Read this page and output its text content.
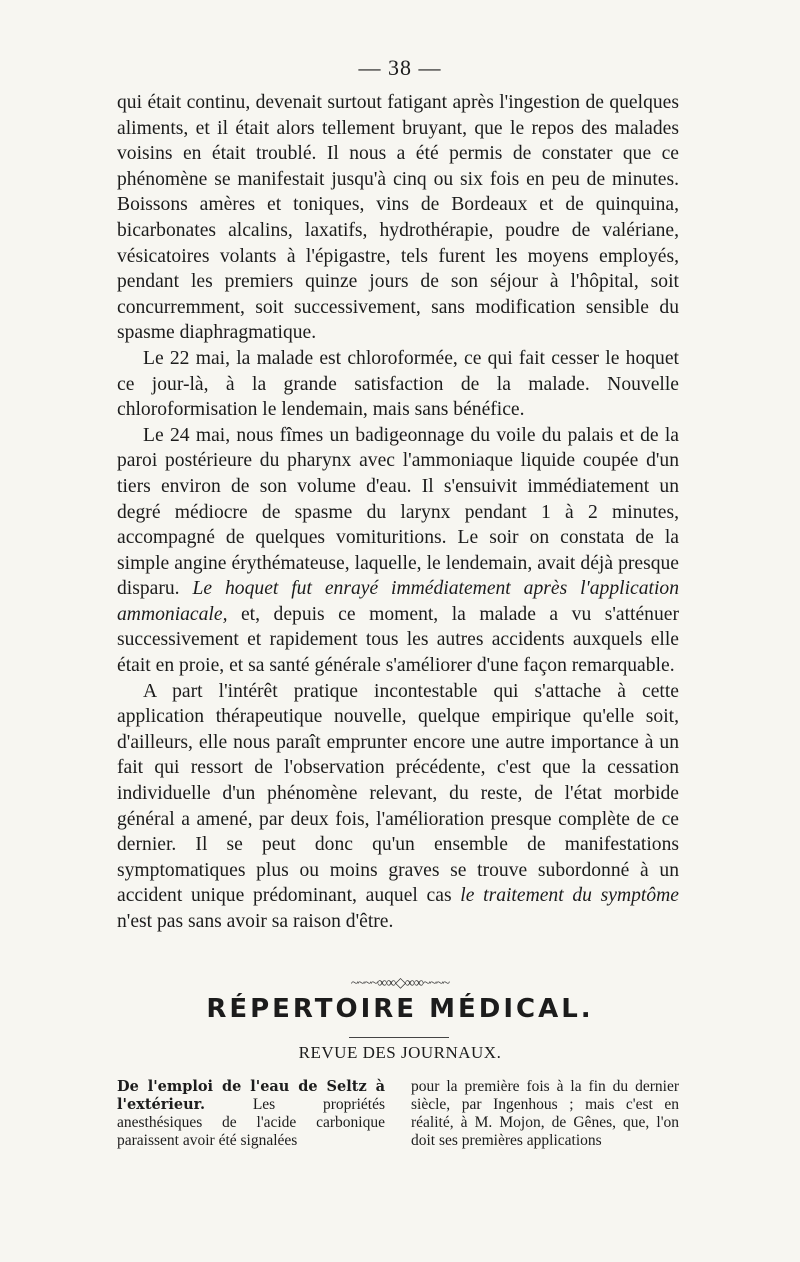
— 38 —

qui était continu, devenait surtout fatigant après l'ingestion de quelques aliments, et il était alors tellement bruyant, que le repos des malades voisins en était troublé. Il nous a été permis de constater que ce phénomène se manifestait jusqu'à cinq ou six fois en peu de minutes. Boissons amères et toniques, vins de Bordeaux et de quinquina, bicarbonates alcalins, laxatifs, hydrothérapie, poudre de valériane, vésicatoires volants à l'épigastre, tels furent les moyens employés, pendant les premiers quinze jours de son séjour à l'hôpital, soit concurremment, soit successivement, sans modification sensible du spasme diaphragmatique.

Le 22 mai, la malade est chloroformée, ce qui fait cesser le hoquet ce jour-là, à la grande satisfaction de la malade. Nouvelle chloroformisation le lendemain, mais sans bénéfice.

Le 24 mai, nous fîmes un badigeonnage du voile du palais et de la paroi postérieure du pharynx avec l'ammoniaque liquide coupée d'un tiers environ de son volume d'eau. Il s'ensuivit immédiatement un degré médiocre de spasme du larynx pendant 1 à 2 minutes, accompagné de quelques vomituritions. Le soir on constata de la simple angine érythémateuse, laquelle, le lendemain, avait déjà presque disparu. Le hoquet fut enrayé immédiatement après l'application ammoniacale, et, depuis ce moment, la malade a vu s'atténuer successivement et rapidement tous les autres accidents auxquels elle était en proie, et sa santé générale s'améliorer d'une façon remarquable.

A part l'intérêt pratique incontestable qui s'attache à cette application thérapeutique nouvelle, quelque empirique qu'elle soit, d'ailleurs, elle nous paraît emprunter encore une autre importance à un fait qui ressort de l'observation précédente, c'est que la cessation individuelle d'un phénomène relevant, du reste, de l'état morbide général a amené, par deux fois, l'amélioration presque complète de ce dernier. Il se peut donc qu'un ensemble de manifestations symptomatiques plus ou moins graves se trouve subordonné à un accident unique prédominant, auquel cas le traitement du symptôme n'est pas sans avoir sa raison d'être.

~~~~∞∞◇∞∞~~~~
RÉPERTOIRE MÉDICAL.
REVUE DES JOURNAUX.

De l'emploi de l'eau de Seltz à l'extérieur. Les propriétés anesthésiques de l'acide carbonique paraissent avoir été signalées

pour la première fois à la fin du dernier siècle, par Ingenhous ; mais c'est en réalité, à M. Mojon, de Gênes, que, l'on doit ses premières applications
